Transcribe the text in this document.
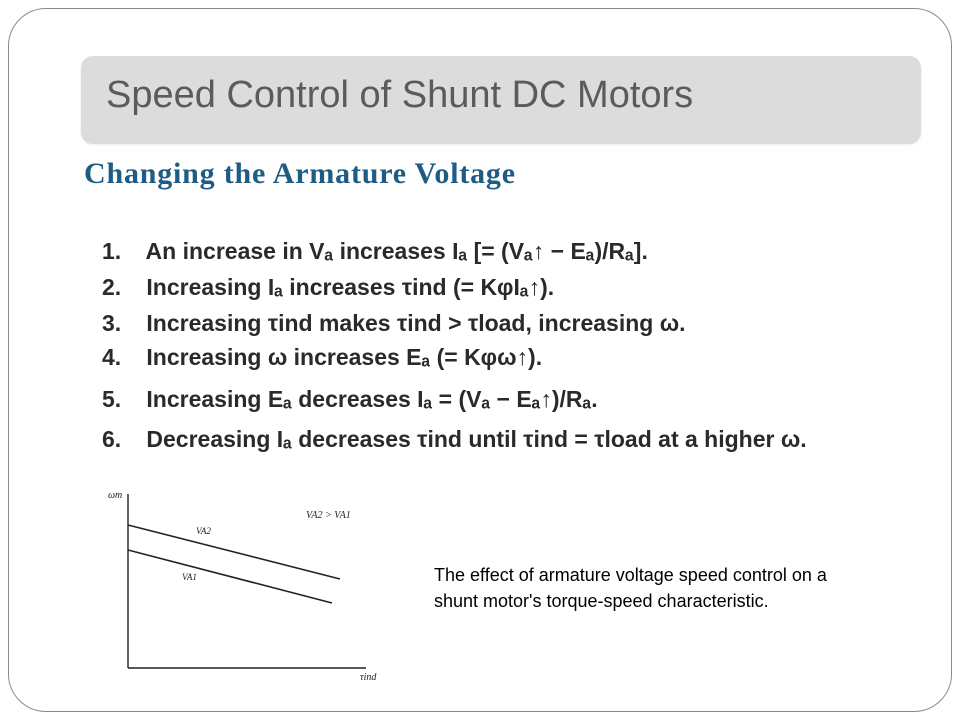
Speed Control of Shunt DC Motors
Changing the Armature Voltage
1. An increase in Vₐ increases Iₐ [= (Vₐ↑ − Eₐ)/Rₐ].
2. Increasing Iₐ increases τind (= KφIₐ↑).
3. Increasing τind makes τind > τload, increasing ω.
4. Increasing ω increases Eₐ (= Kφω↑).
5. Increasing Eₐ decreases Iₐ = (Vₐ − Eₐ↑)/Rₐ.
6. Decreasing Iₐ decreases τind until τind = τload at a higher ω.
ωm
τind
VA2 > VA1
VA2
VA1	The effect of armature voltage speed control on a shunt motor's torque-speed characteristic.
